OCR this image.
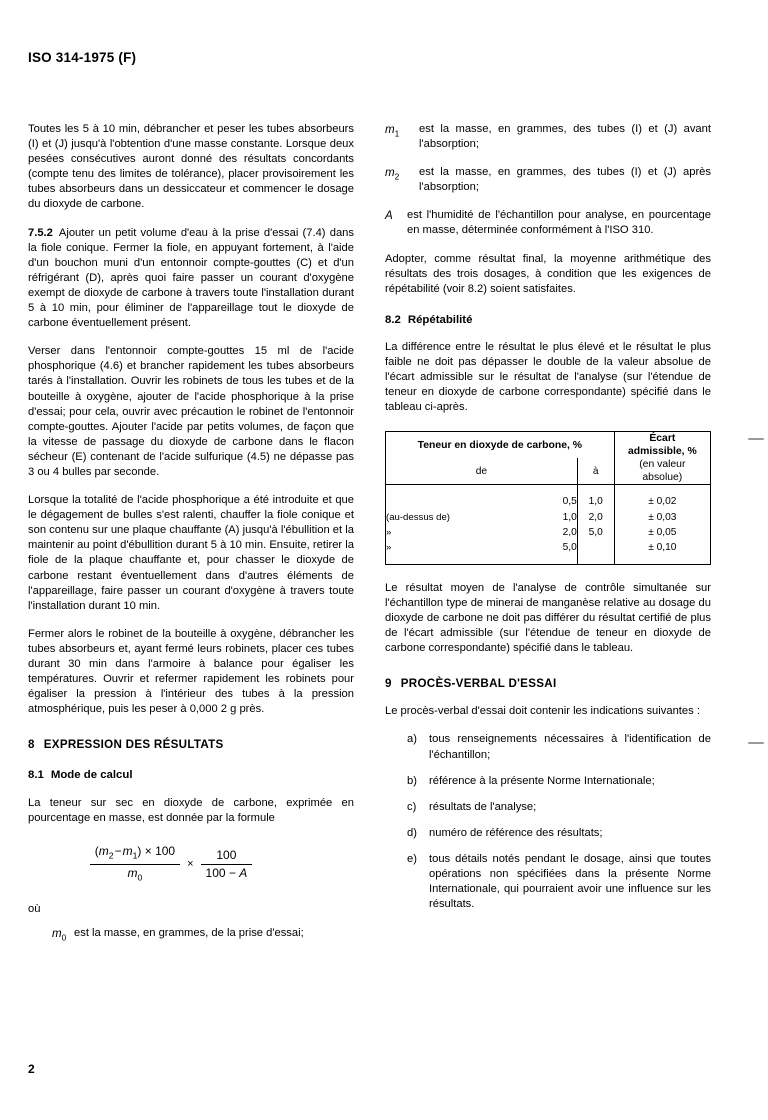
ISO 314-1975 (F)

Toutes les 5 à 10 min, débrancher et peser les tubes absorbeurs (I) et (J) jusqu'à l'obtention d'une masse constante. Lorsque deux pesées consécutives auront donné des résultats concordants (compte tenu des limites de tolérance), placer provisoirement les tubes absorbeurs dans un dessiccateur et commencer le dosage du dioxyde de carbone.

7.5.2 Ajouter un petit volume d'eau à la prise d'essai (7.4) dans la fiole conique. Fermer la fiole, en appuyant fortement, à l'aide d'un bouchon muni d'un entonnoir compte-gouttes (C) et d'un réfrigérant (D), après quoi faire passer un courant d'oxygène exempt de dioxyde de carbone à travers toute l'installation durant 5 à 10 min, pour éliminer de l'appareillage tout le dioxyde de carbone éventuellement présent.

Verser dans l'entonnoir compte-gouttes 15 ml de l'acide phosphorique (4.6) et brancher rapidement les tubes absorbeurs tarés à l'installation. Ouvrir les robinets de tous les tubes et de la bouteille à oxygène, ajouter de l'acide phosphorique à la prise d'essai; pour cela, ouvrir avec précaution le robinet de l'entonnoir compte-gouttes. Ajouter l'acide par petits volumes, de façon que la vitesse de passage du dioxyde de carbone dans le flacon sécheur (E) contenant de l'acide sulfurique (4.5) ne dépasse pas 3 ou 4 bulles par seconde.

Lorsque la totalité de l'acide phosphorique a été introduite et que le dégagement de bulles s'est ralenti, chauffer la fiole conique et son contenu sur une plaque chauffante (A) jusqu'à l'ébullition et la maintenir au point d'ébullition durant 5 à 10 min. Ensuite, retirer la fiole de la plaque chauffante et, pour chasser le dioxyde de carbone restant éventuellement dans d'autres éléments de l'appareillage, faire passer un courant d'oxygène à travers toute l'installation durant 10 min.

Fermer alors le robinet de la bouteille à oxygène, débrancher les tubes absorbeurs et, ayant fermé leurs robinets, placer ces tubes durant 30 min dans l'armoire à balance pour égaliser les températures. Ouvrir et refermer rapidement les robinets pour égaliser la pression à l'intérieur des tubes à la pression atmosphérique, puis les peser à 0,000 2 g près.

8 EXPRESSION DES RÉSULTATS
8.1 Mode de calcul

La teneur sur sec en dioxyde de carbone, exprimée en pourcentage en masse, est donnée par la formule

$\frac{(m_2 - m_1) \times 100}{m_0} \times \frac{100}{100 - A}$

où

$m_0$ est la masse, en grammes, de la prise d'essai;
$m_1$	est la masse, en grammes, des tubes (I) et (J) avant l'absorption;
$m_2$	est la masse, en grammes, des tubes (I) et (J) après l'absorption;
A	est l'humidité de l'échantillon pour analyse, en pourcentage en masse, déterminée conformément à l'ISO 310.

Adopter, comme résultat final, la moyenne arithmétique des résultats des trois dosages, à condition que les exigences de répétabilité (voir 8.2) soient satisfaites.

8.2 Répétabilité

La différence entre le résultat le plus élevé et le résultat le plus faible ne doit pas dépasser le double de la valeur absolue de l'écart admissible sur le résultat de l'analyse (sur l'étendue de teneur en dioxyde de carbone correspondante) spécifié dans le tableau ci-après.

Teneur en dioxyde de carbone, %		Écart
admissible, %
(en valeur
absolue)

de	à	

0,5	1,0	± 0,02

(au-dessus de) 1,0	2,0	± 0,03

» 2,0	5,0	± 0,05

» 5,0		± 0,10

Le résultat moyen de l'analyse de contrôle simultanée sur l'échantillon type de minerai de manganèse relative au dosage du dioxyde de carbone ne doit pas différer du résultat certifié de plus de l'écart admissible (sur l'étendue de teneur en dioxyde de carbone correspondante) spécifié dans le tableau.

9 PROCÈS-VERBAL D'ESSAI

Le procès-verbal d'essai doit contenir les indications suivantes :

a)	tous renseignements nécessaires à l'identification de l'échantillon;
b)	référence à la présente Norme Internationale;
c)	résultats de l'analyse;
d)	numéro de référence des résultats;
e)	tous détails notés pendant le dosage, ainsi que toutes opérations non spécifiées dans la présente Norme Internationale, qui pourraient avoir une influence sur les résultats.
2
